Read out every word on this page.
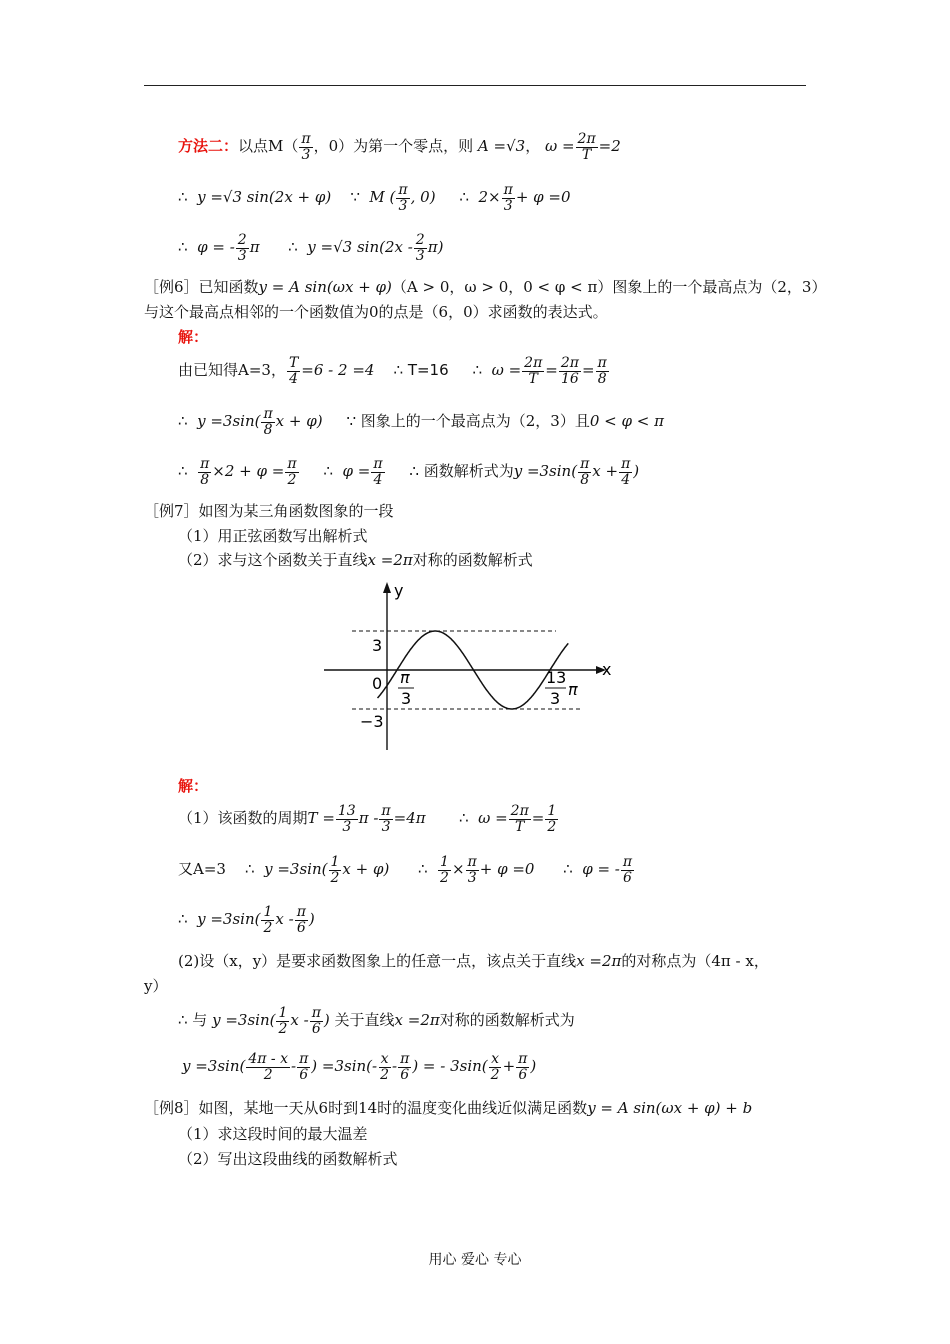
方法二：以点$M( \frac{\pi}{3}$ ，0）为第一个零点，则 A =√3， $\omega = \frac{2\pi}{T} =2$
∴ y =√3 sin(2x + φ) ∵ M ( $\frac{\pi}{3}$ , 0) ∴ $2\times \frac{\pi}{3} + \varphi =0$
∴ φ = - $\frac{2}{3}$ π ∴ y =√3 $\sin(2x - \frac{2}{3} \pi)$
［例6］已知函数y = A sin(ωx + φ)（A > 0，ω > 0，0 < φ < π）图象上的一个最高点为（2，3）
与这个最高点相邻的一个函数值为0的点是（6，0）求函数的表达式。
解：
由已知得A=3， $\frac{T}{4} =6 - 2 =4$ ∴ T=16 ∴ $\omega = \frac{2\pi}{T} = \frac{2\pi}{16} = \frac{\pi}{8}$
∴ $y =3\sin( \frac{\pi}{8}$ x + φ) ∵ 图象上的一个最高点为（2，3）且0 < φ < π
∴ $\frac{\pi}{8} \times 2 + \varphi = \frac{\pi}{2}$ ∴ $\varphi = \frac{\pi}{4}$ ∴ 函数解析式为$y =3\sin( \frac{\pi}{8}$ $x + \frac{\pi}{4}$ )
［例7］如图为某三角函数图象的一段
（1）用正弦函数写出解析式
（2）求与这个函数关于直线x =2π对称的函数解析式
y
x
3
0
−3
π
3
13
3 π
解：
（1）该函数的周期$T = \frac{13}{3}$ $\pi - \frac{\pi}{3} =4\pi$ ∴ $\omega = \frac{2\pi}{T} = \frac{1}{2}$
又A=3 ∴ $y =3\sin( \frac{1}{2}$ x + φ) ∴ $\frac{1}{2} \times \frac{\pi}{3} + \varphi =0$ ∴ φ = - $\frac{\pi}{6}$
∴ $y =3\sin( \frac{1}{2}$ x - $\frac{\pi}{6}$ )
(2)设（x，y）是要求函数图象上的任意一点，该点关于直线x =2π的对称点为（4π - x，
y）
∴ 与 $y =3\sin( \frac{1}{2}$ x - $\frac{\pi}{6}$ ) 关于直线x =2π对称的函数解析式为
$y =3\sin( \frac{4\pi - x}{2} - \frac{\pi}{6}$ ) $=3\sin(- \frac{x}{2} - \frac{\pi}{6}$ ) = - $3\sin( \frac{x}{2} + \frac{\pi}{6}$ )
［例8］如图，某地一天从6时到14时的温度变化曲线近似满足函数y = A sin(ωx + φ) + b
（1）求这段时间的最大温差
（2）写出这段曲线的函数解析式
用心 爱心 专心
